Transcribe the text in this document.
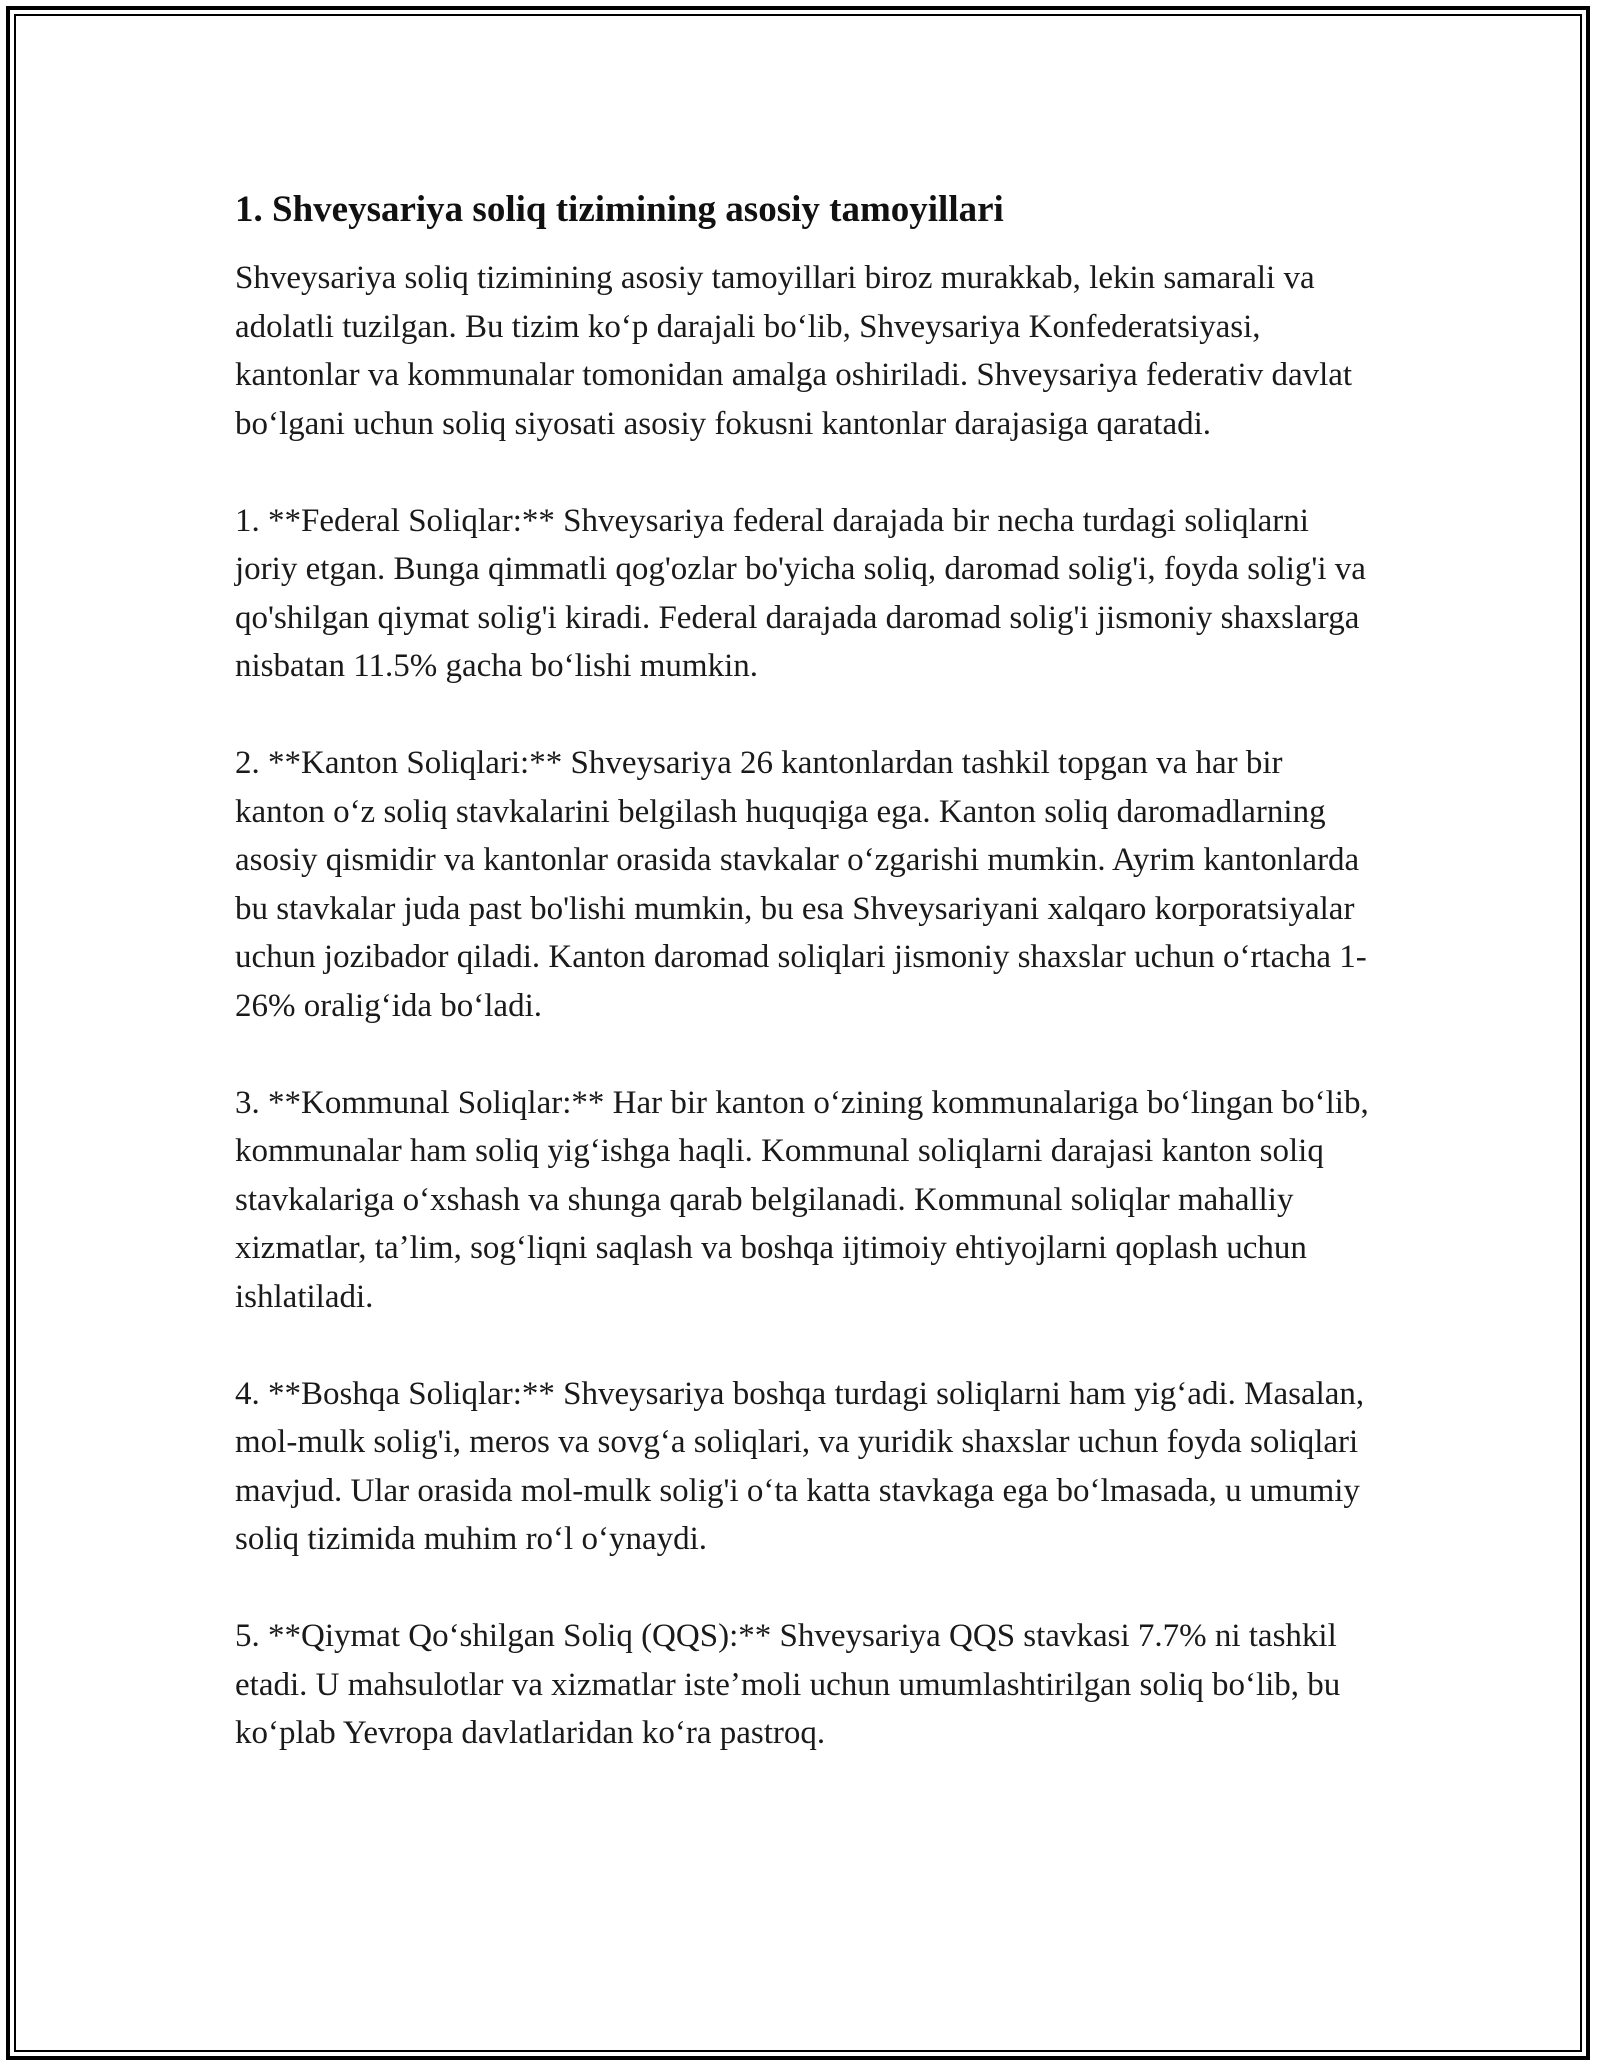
1. Shveysariya soliq tizimining asosiy tamoyillari

Shveysariya soliq tizimining asosiy tamoyillari biroz murakkab, lekin samarali va adolatli tuzilgan. Bu tizim koʻp darajali boʻlib, Shveysariya Konfederatsiyasi, kantonlar va kommunalar tomonidan amalga oshiriladi. Shveysariya federativ davlat boʻlgani uchun soliq siyosati asosiy fokusni kantonlar darajasiga qaratadi.

1. **Federal Soliqlar:** Shveysariya federal darajada bir necha turdagi soliqlarni joriy etgan. Bunga qimmatli qog'ozlar bo'yicha soliq, daromad solig'i, foyda solig'i va qo'shilgan qiymat solig'i kiradi. Federal darajada daromad solig'i jismoniy shaxslarga nisbatan 11.5% gacha boʻlishi mumkin.

2. **Kanton Soliqlari:** Shveysariya 26 kantonlardan tashkil topgan va har bir kanton oʻz soliq stavkalarini belgilash huquqiga ega. Kanton soliq daromadlarning asosiy qismidir va kantonlar orasida stavkalar oʻzgarishi mumkin. Ayrim kantonlarda bu stavkalar juda past bo'lishi mumkin, bu esa Shveysariyani xalqaro korporatsiyalar uchun jozibador qiladi. Kanton daromad soliqlari jismoniy shaxslar uchun oʻrtacha 1-26% oraligʻida boʻladi.

3. **Kommunal Soliqlar:** Har bir kanton oʻzining kommunalariga boʻlingan boʻlib, kommunalar ham soliq yigʻishga haqli. Kommunal soliqlarni darajasi kanton soliq stavkalariga oʻxshash va shunga qarab belgilanadi. Kommunal soliqlar mahalliy xizmatlar, taʼlim, sogʻliqni saqlash va boshqa ijtimoiy ehtiyojlarni qoplash uchun ishlatiladi.

4. **Boshqa Soliqlar:** Shveysariya boshqa turdagi soliqlarni ham yigʻadi. Masalan, mol-mulk solig'i, meros va sovgʻa soliqlari, va yuridik shaxslar uchun foyda soliqlari mavjud. Ular orasida mol-mulk solig'i oʻta katta stavkaga ega boʻlmasada, u umumiy soliq tizimida muhim roʻl oʻynaydi.

5. **Qiymat Qoʻshilgan Soliq (QQS):** Shveysariya QQS stavkasi 7.7% ni tashkil etadi. U mahsulotlar va xizmatlar isteʼmoli uchun umumlashtirilgan soliq boʻlib, bu koʻplab Yevropa davlatlaridan koʻra pastroq.
